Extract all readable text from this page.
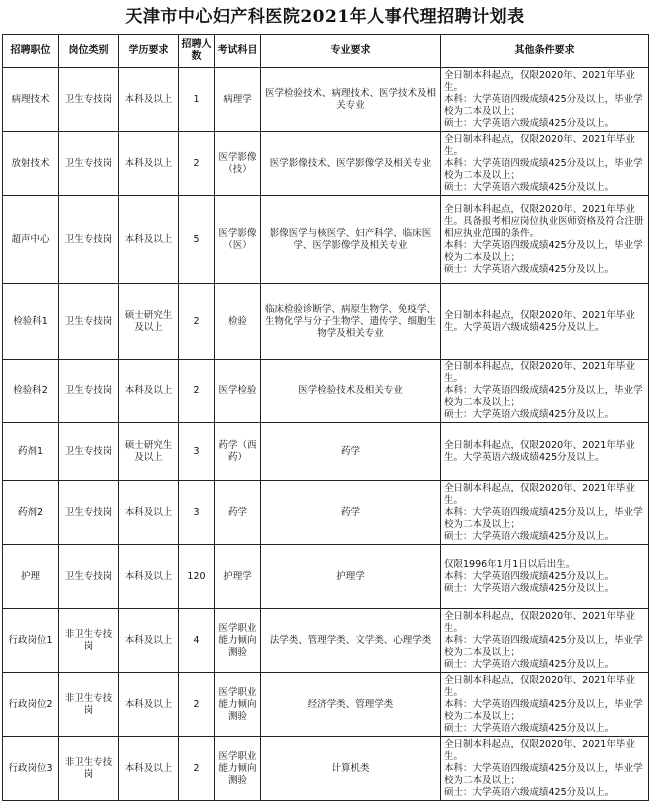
天津市中心妇产科医院2021年人事代理招聘计划表
招聘职位	岗位类别	学历要求	招聘人数	考试科目	专业要求	其他条件要求
病理技术	卫生专技岗	本科及以上	1	病理学	医学检验技术、病理技术、医学技术及相关专业	全日制本科起点，仅限2020年、2021年毕业生。
本科：大学英语四级成绩425分及以上，毕业学校为二本及以上；
硕士：大学英语六级成绩425分及以上。

放射技术	卫生专技岗	本科及以上	2	医学影像（技）	医学影像技术、医学影像学及相关专业	全日制本科起点，仅限2020年、2021年毕业生。
本科：大学英语四级成绩425分及以上，毕业学校为二本及以上；
硕士：大学英语六级成绩425分及以上。

超声中心	卫生专技岗	本科及以上	5	医学影像（医）	影像医学与核医学、妇产科学、临床医学、医学影像学及相关专业	全日制本科起点，仅限2020年、2021年毕业生。具备报考相应岗位执业医师资格及符合注册相应执业范围的条件。
本科：大学英语四级成绩425分及以上，毕业学校为二本及以上；
硕士：大学英语六级成绩425分及以上。

检验科1	卫生专技岗	硕士研究生及以上	2	检验	临床检验诊断学、病原生物学、免疫学、生物化学与分子生物学、遗传学、细胞生物学及相关专业	全日制本科起点，仅限2020年、2021年毕业生。大学英语六级成绩425分及以上。

检验科2	卫生专技岗	本科及以上	2	医学检验	医学检验技术及相关专业	全日制本科起点，仅限2020年、2021年毕业生。
本科：大学英语四级成绩425分及以上，毕业学校为二本及以上；
硕士：大学英语六级成绩425分及以上。

药剂1	卫生专技岗	硕士研究生及以上	3	药学（西药）	药学	全日制本科起点，仅限2020年、2021年毕业生。大学英语六级成绩425分及以上。

药剂2	卫生专技岗	本科及以上	3	药学	药学	全日制本科起点，仅限2020年、2021年毕业生。
本科：大学英语四级成绩425分及以上，毕业学校为二本及以上；
硕士：大学英语六级成绩425分及以上。

护理	卫生专技岗	本科及以上	120	护理学	护理学	仅限1996年1月1日以后出生。
本科：大学英语四级成绩425分及以上。
硕士：大学英语六级成绩425分及以上。

行政岗位1	非卫生专技岗	本科及以上	4	医学职业能力倾向测验	法学类、管理学类、文学类、心理学类	全日制本科起点，仅限2020年、2021年毕业生。
本科：大学英语四级成绩425分及以上，毕业学校为二本及以上；
硕士：大学英语六级成绩425分及以上。

行政岗位2	非卫生专技岗	本科及以上	2	医学职业能力倾向测验	经济学类、管理学类	全日制本科起点，仅限2020年、2021年毕业生。
本科：大学英语四级成绩425分及以上，毕业学校为二本及以上；
硕士：大学英语六级成绩425分及以上。

行政岗位3	非卫生专技岗	本科及以上	2	医学职业能力倾向测验	计算机类	全日制本科起点，仅限2020年、2021年毕业生。
本科：大学英语四级成绩425分及以上，毕业学校为二本及以上；
硕士：大学英语六级成绩425分及以上。
